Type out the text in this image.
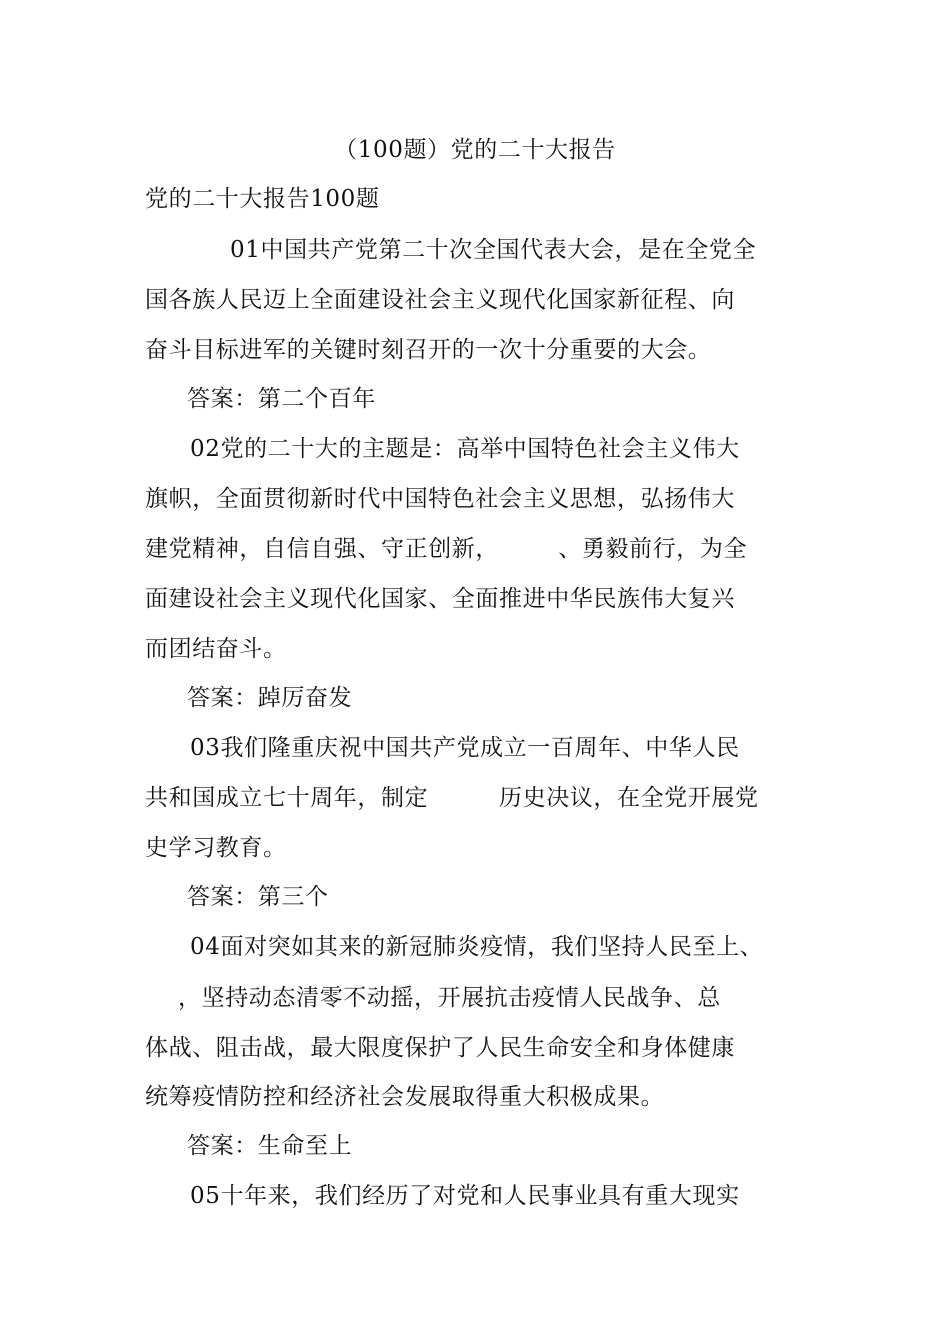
（100题）党的二十大报告
党的二十大报告100题
01中国共产党第二十次全国代表大会，是在全党全
国各族人民迈上全面建设社会主义现代化国家新征程、向
奋斗目标进军的关键时刻召开的一次十分重要的大会。
答案：第二个百年
02党的二十大的主题是：高举中国特色社会主义伟大
旗帜，全面贯彻新时代中国特色社会主义思想，弘扬伟大
建党精神，自信自强、守正创新，　　　、勇毅前行，为全
面建设社会主义现代化国家、全面推进中华民族伟大复兴
而团结奋斗。
答案：踔厉奋发
03我们隆重庆祝中国共产党成立一百周年、中华人民
共和国成立七十周年，制定　　　历史决议，在全党开展党
史学习教育。
答案：第三个
04面对突如其来的新冠肺炎疫情，我们坚持人民至上、
，坚持动态清零不动摇，开展抗击疫情人民战争、总
体战、阻击战，最大限度保护了人民生命安全和身体健康
统筹疫情防控和经济社会发展取得重大积极成果。
答案：生命至上
05十年来，我们经历了对党和人民事业具有重大现实
